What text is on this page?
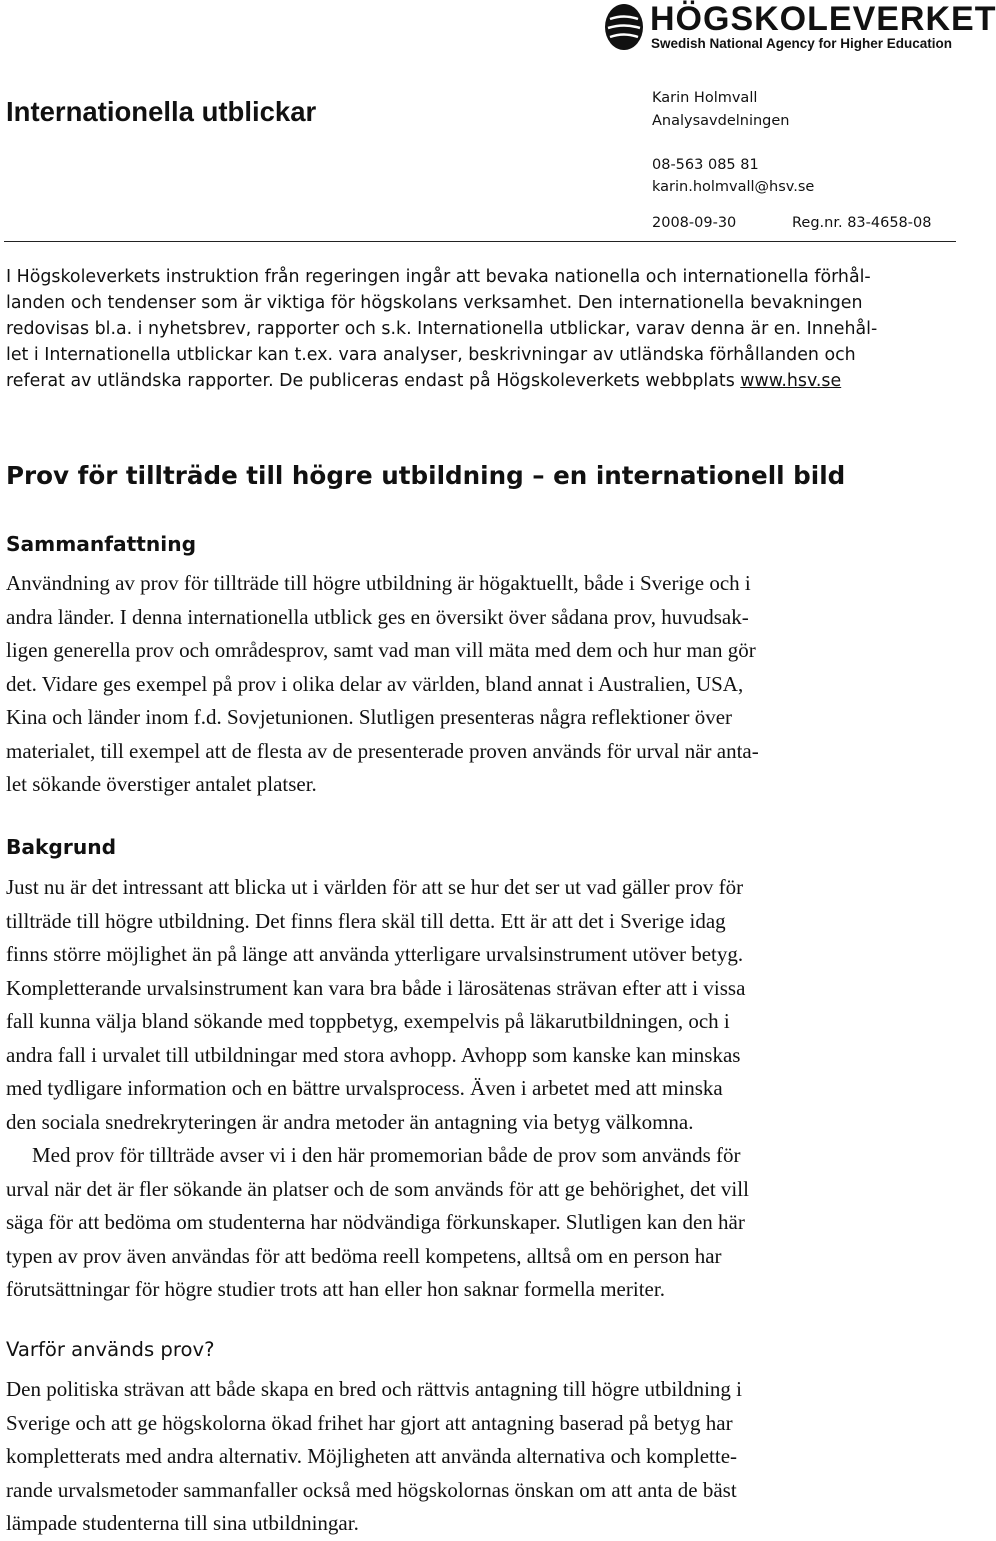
HÖGSKOLEVERKET
Swedish National Agency for Higher Education
Internationella utblickar	Karin Holmvall
Analysavdelningen
08-563 085 81
karin.holmvall@hsv.se
2008-09-30	Reg.nr. 83-4658-08
I Högskoleverkets instruktion från regeringen ingår att bevaka nationella och internationella förhål-
landen och tendenser som är viktiga för högskolans verksamhet. Den internationella bevakningen
redovisas bl.a. i nyhetsbrev, rapporter och s.k. Internationella utblickar, varav denna är en. Innehål-
let i Internationella utblickar kan t.ex. vara analyser, beskrivningar av utländska förhållanden och
referat av utländska rapporter. De publiceras endast på Högskoleverkets webbplats www.hsv.se
Prov för tillträde till högre utbildning – en internationell bild
Sammanfattning
Användning av prov för tillträde till högre utbildning är högaktuellt, både i Sverige och i
andra länder. I denna internationella utblick ges en översikt över sådana prov, huvudsak-
ligen generella prov och områdesprov, samt vad man vill mäta med dem och hur man gör
det. Vidare ges exempel på prov i olika delar av världen, bland annat i Australien, USA,
Kina och länder inom f.d. Sovjetunionen. Slutligen presenteras några reflektioner över
materialet, till exempel att de flesta av de presenterade proven används för urval när anta-
let sökande överstiger antalet platser.
Bakgrund
Just nu är det intressant att blicka ut i världen för att se hur det ser ut vad gäller prov för
tillträde till högre utbildning. Det finns flera skäl till detta. Ett är att det i Sverige idag
finns större möjlighet än på länge att använda ytterligare urvalsinstrument utöver betyg.
Kompletterande urvalsinstrument kan vara bra både i lärosätenas strävan efter att i vissa
fall kunna välja bland sökande med toppbetyg, exempelvis på läkarutbildningen, och i
andra fall i urvalet till utbildningar med stora avhopp. Avhopp som kanske kan minskas
med tydligare information och en bättre urvalsprocess. Även i arbetet med att minska
den sociala snedrekryteringen är andra metoder än antagning via betyg välkomna.
Med prov för tillträde avser vi i den här promemorian både de prov som används för
urval när det är fler sökande än platser och de som används för att ge behörighet, det vill
säga för att bedöma om studenterna har nödvändiga förkunskaper. Slutligen kan den här
typen av prov även användas för att bedöma reell kompetens, alltså om en person har
förutsättningar för högre studier trots att han eller hon saknar formella meriter.
Varför används prov?
Den politiska strävan att både skapa en bred och rättvis antagning till högre utbildning i
Sverige och att ge högskolorna ökad frihet har gjort att antagning baserad på betyg har
kompletterats med andra alternativ. Möjligheten att använda alternativa och komplette-
rande urvalsmetoder sammanfaller också med högskolornas önskan om att anta de bäst
lämpade studenterna till sina utbildningar.
